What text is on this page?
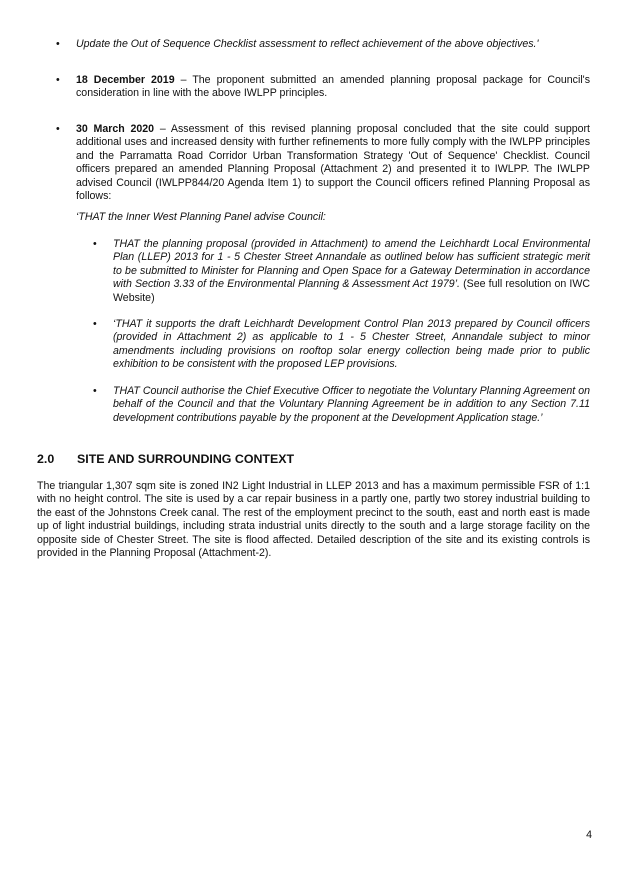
•	Update the Out of Sequence Checklist assessment to reflect achievement of the above objectives.'
•	18 December 2019 – The proponent submitted an amended planning proposal package for Council's consideration in line with the above IWLPP principles.
•	30 March 2020 – Assessment of this revised planning proposal concluded that the site could support additional uses and increased density with further refinements to more fully comply with the IWLPP principles and the Parramatta Road Corridor Urban Transformation Strategy 'Out of Sequence' Checklist. Council officers prepared an amended Planning Proposal (Attachment 2) and presented it to IWLPP. The IWLPP advised Council (IWLPP844/20 Agenda Item 1) to support the Council officers refined Planning Proposal as follows:
‘THAT the Inner West Planning Panel advise Council:
•	THAT the planning proposal (provided in Attachment) to amend the Leichhardt Local Environmental Plan (LLEP) 2013 for 1 - 5 Chester Street Annandale as outlined below has sufficient strategic merit to be submitted to Minister for Planning and Open Space for a Gateway Determination in accordance with Section 3.33 of the Environmental Planning & Assessment Act 1979’. (See full resolution on IWC Website)
•	‘THAT it supports the draft Leichhardt Development Control Plan 2013 prepared by Council officers (provided in Attachment 2) as applicable to 1 - 5 Chester Street, Annandale subject to minor amendments including provisions on rooftop solar energy collection being made prior to public exhibition to be consistent with the proposed LEP provisions.
•	THAT Council authorise the Chief Executive Officer to negotiate the Voluntary Planning Agreement on behalf of the Council and that the Voluntary Planning Agreement be in addition to any Section 7.11 development contributions payable by the proponent at the Development Application stage.’
2.0 SITE AND SURROUNDING CONTEXT
The triangular 1,307 sqm site is zoned IN2 Light Industrial in LLEP 2013 and has a maximum permissible FSR of 1:1 with no height control. The site is used by a car repair business in a partly one, partly two storey industrial building to the east of the Johnstons Creek canal. The rest of the employment precinct to the south, east and north east is made up of light industrial buildings, including strata industrial units directly to the south and a large storage facility on the opposite side of Chester Street. The site is flood affected. Detailed description of the site and its existing controls is provided in the Planning Proposal (Attachment-2).
4
